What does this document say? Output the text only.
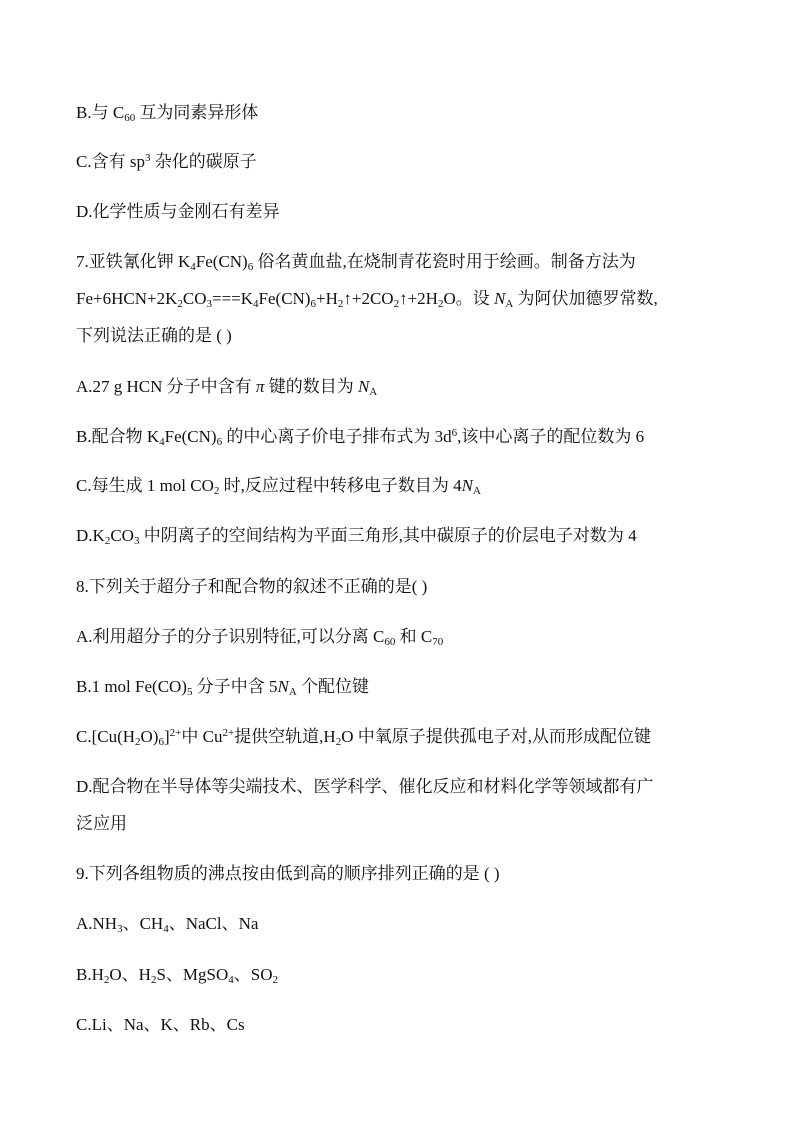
B.与 $C_{60}$ 互为同素异形体
C.含有 $sp^3$ 杂化的碳原子
D.化学性质与金刚石有差异
7.亚铁氰化钾 $K_4Fe(CN)_6$ 俗名黄血盐,在烧制青花瓷时用于绘画。制备方法为
$Fe+6HCN+2K_2CO_3===K_4Fe(CN)_6+H_2↑+2CO_2↑+2H_2O$。设 $N_A$ 为阿伏加德罗常数,
下列说法正确的是 ( )
A.27 g HCN 分子中含有 π 键的数目为 $N_A$
B.配合物 $K_4Fe(CN)_6$ 的中心离子价电子排布式为 $3d^6$,该中心离子的配位数为 6
C.每生成 1 mol $CO_2$ 时,反应过程中转移电子数目为 $4N_A$
$D.K_2CO_3$ 中阴离子的空间结构为平面三角形,其中碳原子的价层电子对数为 4
8.下列关于超分子和配合物的叙述不正确的是( )
A.利用超分子的分子识别特征,可以分离 $C_{60}$ 和 $C_{70}$
B.1 mol $Fe(CO)_5$ 分子中含 $5N_A$ 个配位键
$C.[Cu(H_2O)_6]^{2+}$中 $Cu^{2+}$提供空轨道$,H_2O$ 中氧原子提供孤电子对,从而形成配位键
D.配合物在半导体等尖端技术、医学科学、催化反应和材料化学等领域都有广
泛应用
9.下列各组物质的沸点按由低到高的顺序排列正确的是 ( )
$A.NH_3$、$CH_4$、NaCl、Na
$B.H_2O$、$H_2S$、MgSO$_4$、$SO_2$
C.Li、Na、K、Rb、Cs
